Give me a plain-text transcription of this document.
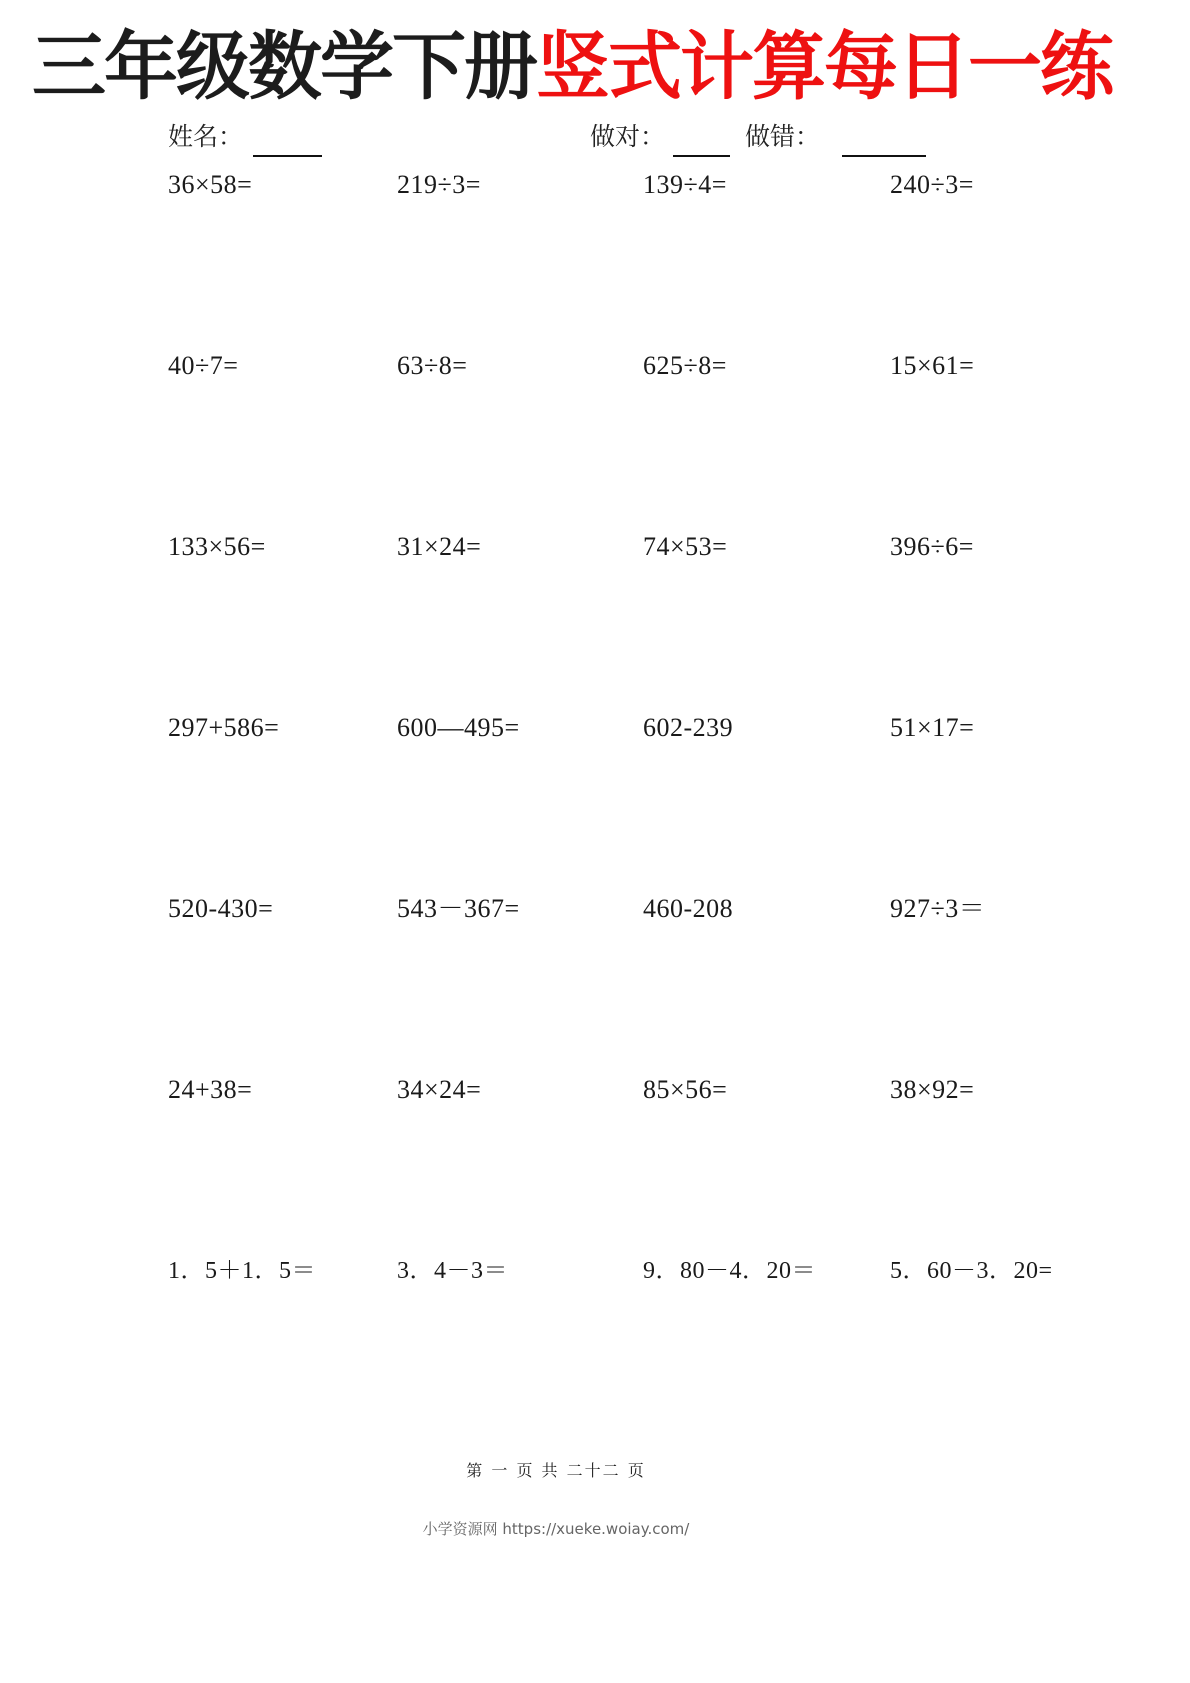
三年级数学下册竖式计算每日一练
姓名：	做对：	做错：
36×58=	219÷3=	139÷4=	240÷3=
40÷7=	63÷8=	625÷8=	15×61=
133×56=	31×24=	74×53=	396÷6=
297+586=	600—495=	602-239	51×17=
520-430=	543－367=	460-208	927÷3＝
24+38=	34×24=	85×56=	38×92=
1．5＋1．5＝	3．4－3＝	9．80－4．20＝	5．60－3．20=
第 一 页 共 二十二 页
小学资源网 https://xueke.woiay.com/
